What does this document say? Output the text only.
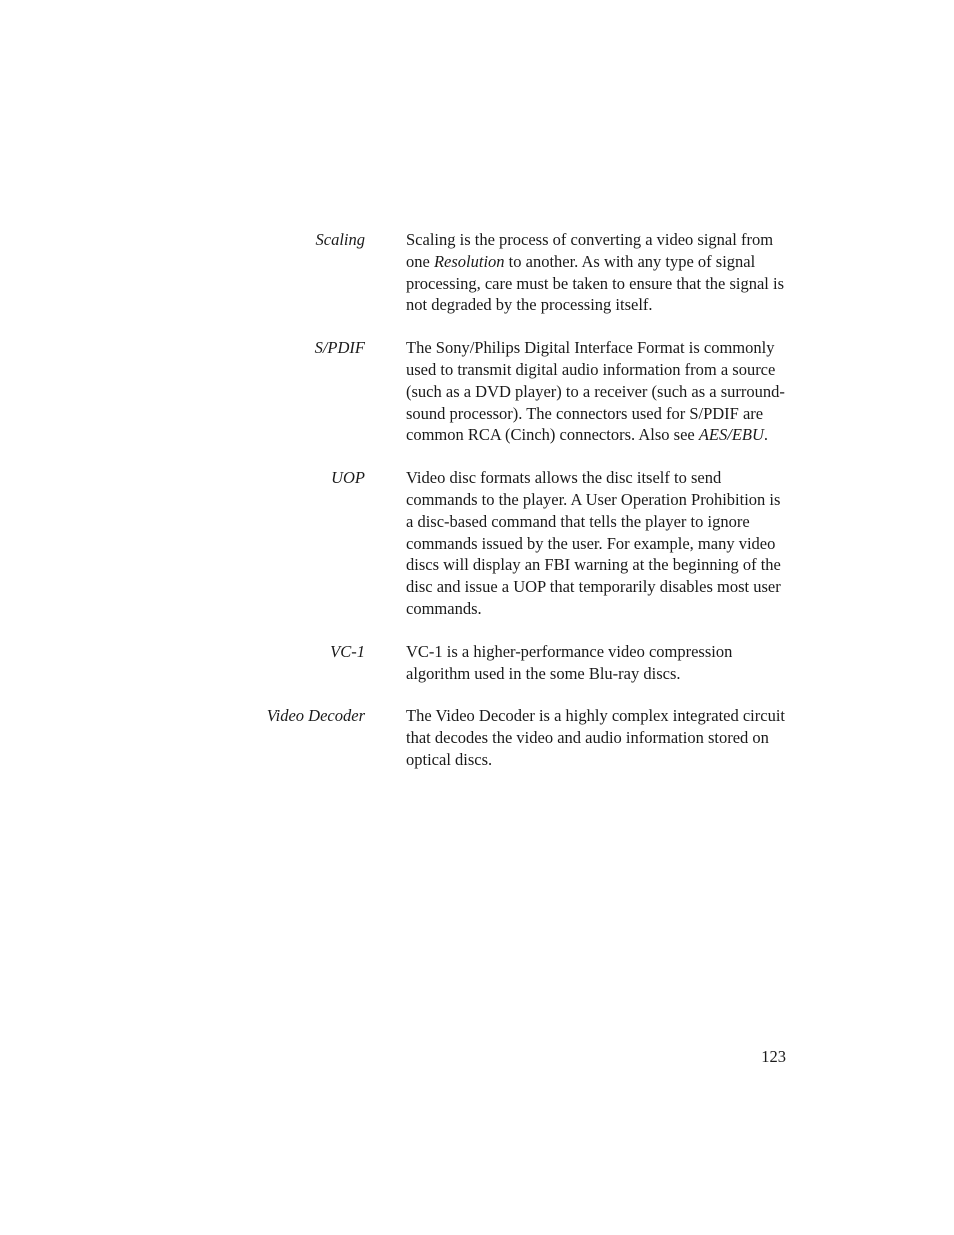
Scaling Scaling is the process of converting a video signal from one Resolution to another. As with any type of signal processing, care must be taken to ensure that the signal is not degraded by the processing itself.
S/PDIF The Sony/Philips Digital Interface Format is commonly used to transmit digital audio information from a source (such as a DVD player) to a receiver (such as a surround-sound processor). The connectors used for S/PDIF are common RCA (Cinch) connectors. Also see AES/EBU.
UOP Video disc formats allows the disc itself to send commands to the player. A User Operation Prohibition is a disc-based command that tells the player to ignore commands issued by the user. For example, many video discs will display an FBI warning at the beginning of the disc and issue a UOP that temporarily disables most user commands.
VC-1 VC-1 is a higher-performance video compression algorithm used in the some Blu-ray discs.
Video Decoder The Video Decoder is a highly complex integrated circuit that decodes the video and audio information stored on optical discs.
123
